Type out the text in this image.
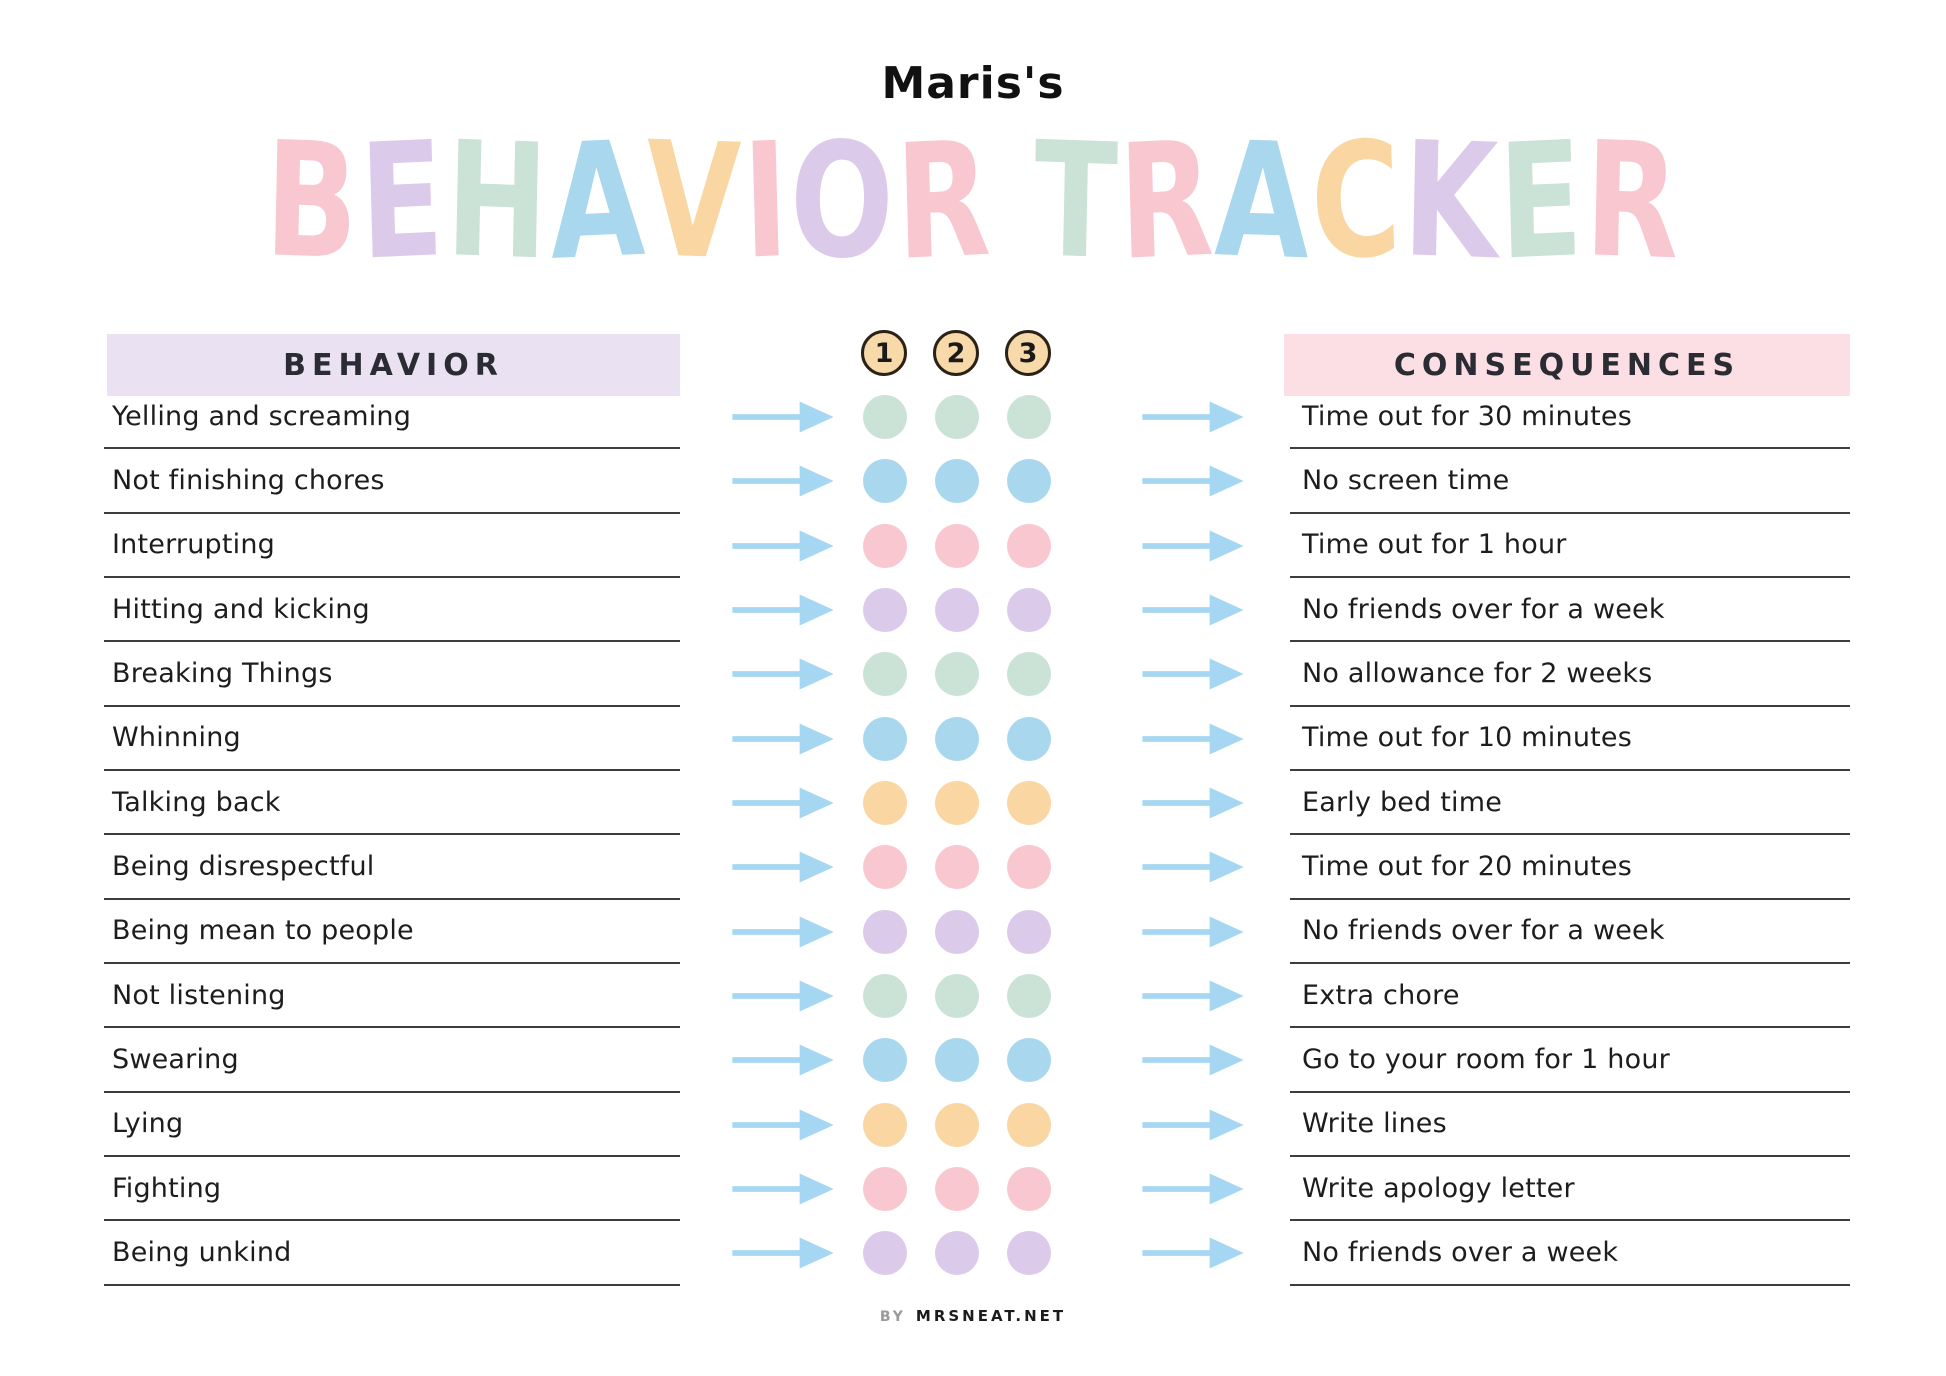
Maris's
BEHAVIOR TRACKER
BEHAVIOR	1 2 3	CONSEQUENCES
Yelling and screaming	Time out for 30 minutes
Not finishing chores	No screen time
Interrupting	Time out for 1 hour
Hitting and kicking	No friends over for a week
Breaking Things	No allowance for 2 weeks
Whinning	Time out for 10 minutes
Talking back	Early bed time
Being disrespectful	Time out for 20 minutes
Being mean to people	No friends over for a week
Not listening	Extra chore
Swearing	Go to your room for 1 hour
Lying	Write lines
Fighting	Write apology letter
Being unkind	No friends over a week
BY MRSNEAT.NET
